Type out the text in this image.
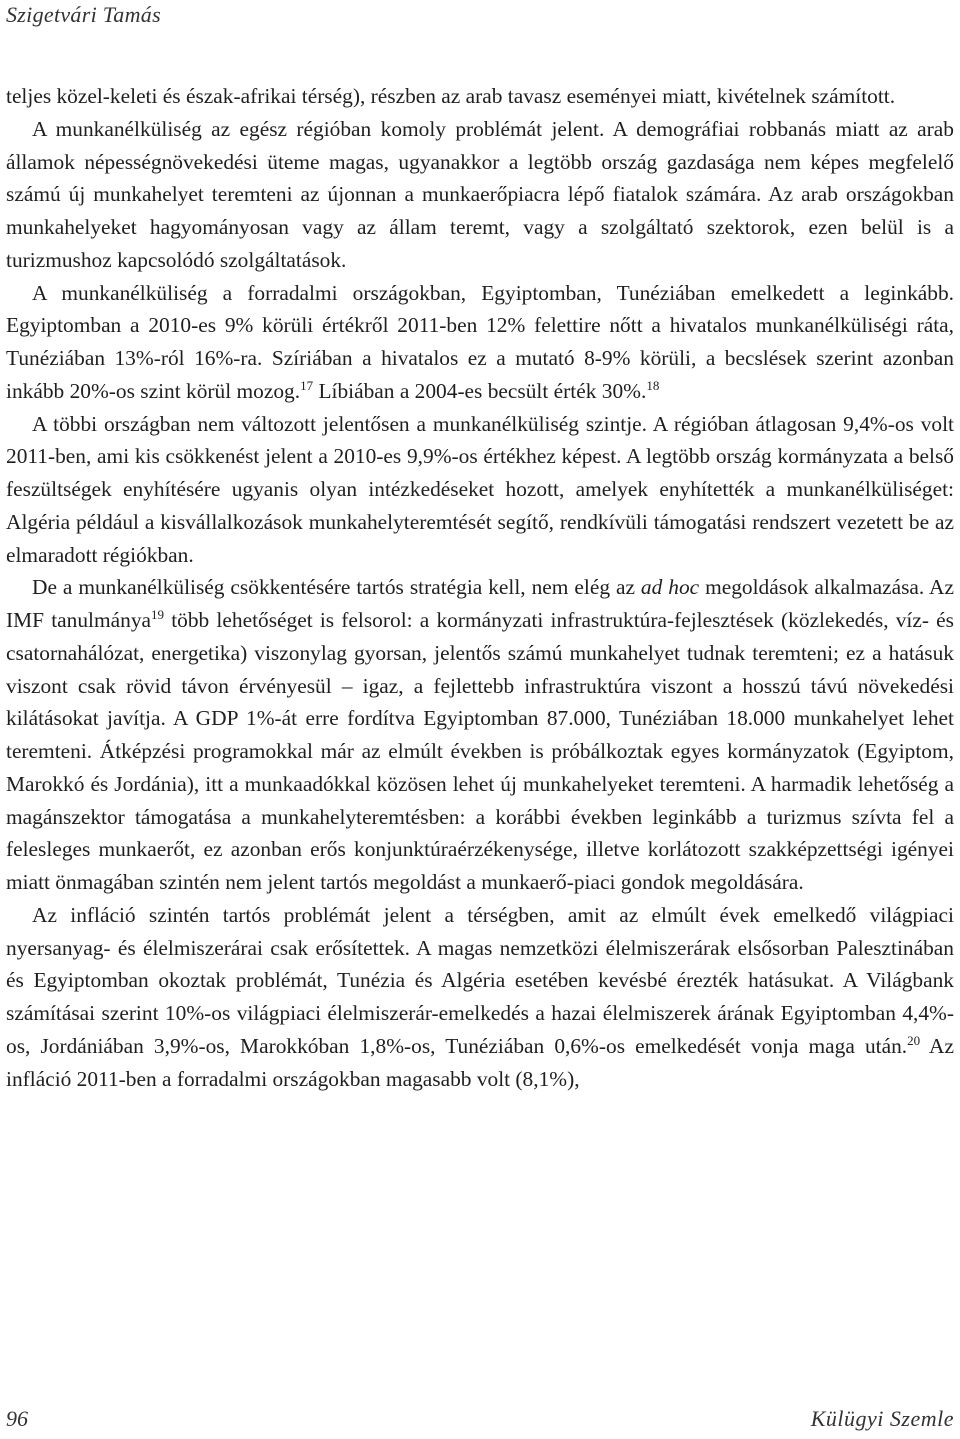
Szigetvári Tamás

teljes közel-keleti és észak-afrikai térség), részben az arab tavasz eseményei miatt, kivételnek számított.

A munkanélküliség az egész régióban komoly problémát jelent. A demográfiai robbanás miatt az arab államok népességnövekedési üteme magas, ugyanakkor a legtöbb ország gazdasága nem képes megfelelő számú új munkahelyet teremteni az újonnan a munkaerőpiacra lépő fiatalok számára. Az arab országokban munkahelyeket hagyományosan vagy az állam teremt, vagy a szolgáltató szektorok, ezen belül is a turizmushoz kapcsolódó szolgáltatások.

A munkanélküliség a forradalmi országokban, Egyiptomban, Tunéziában emelkedett a leginkább. Egyiptomban a 2010-es 9% körüli értékről 2011-ben 12% felettire nőtt a hivatalos munkanélküliségi ráta, Tunéziában 13%-ról 16%-ra. Szíriában a hivatalos ez a mutató 8-9% körüli, a becslések szerint azonban inkább 20%-os szint körül mozog.$^{17}$ Líbiában a 2004-es becsült érték 30%.$^{18}$

A többi országban nem változott jelentősen a munkanélküliség szintje. A régióban átlagosan 9,4%-os volt 2011-ben, ami kis csökkenést jelent a 2010-es 9,9%-os értékhez képest. A legtöbb ország kormányzata a belső feszültségek enyhítésére ugyanis olyan intézkedéseket hozott, amelyek enyhítették a munkanélküliséget: Algéria például a kisvállalkozások munkahelyteremtését segítő, rendkívüli támogatási rendszert vezetett be az elmaradott régiókban.

De a munkanélküliség csökkentésére tartós stratégia kell, nem elég az ad hoc megoldások alkalmazása. Az IMF tanulmánya$^{19}$ több lehetőséget is felsorol: a kormányzati infrastruktúra-fejlesztések (közlekedés, víz- és csatornahálózat, energetika) viszonylag gyorsan, jelentős számú munkahelyet tudnak teremteni; ez a hatásuk viszont csak rövid távon érvényesül – igaz, a fejlettebb infrastruktúra viszont a hosszú távú növekedési kilátásokat javítja. A GDP 1%-át erre fordítva Egyiptomban 87.000, Tunéziában 18.000 munkahelyet lehet teremteni. Átképzési programokkal már az elmúlt években is próbálkoztak egyes kormányzatok (Egyiptom, Marokkó és Jordánia), itt a munkaadókkal közösen lehet új munkahelyeket teremteni. A harmadik lehetőség a magánszektor támogatása a munkahelyteremtésben: a korábbi években leginkább a turizmus szívta fel a felesleges munkaerőt, ez azonban erős konjunktúraérzékenysége, illetve korlátozott szakképzettségi igényei miatt önmagában szintén nem jelent tartós megoldást a munkaerő-piaci gondok megoldására.

Az infláció szintén tartós problémát jelent a térségben, amit az elmúlt évek emelkedő világpiaci nyersanyag- és élelmiszerárai csak erősítettek. A magas nemzetközi élelmiszerárak elsősorban Palesztinában és Egyiptomban okoztak problémát, Tunézia és Algéria esetében kevésbé érezték hatásukat. A Világbank számításai szerint 10%-os világpiaci élelmiszerár-emelkedés a hazai élelmiszerek árának Egyiptomban 4,4%-os, Jordániában 3,9%-os, Marokkóban 1,8%-os, Tunéziában 0,6%-os emelkedését vonja maga után.$^{20}$ Az infláció 2011-ben a forradalmi országokban magasabb volt (8,1%),

96	Külügyi Szemle
